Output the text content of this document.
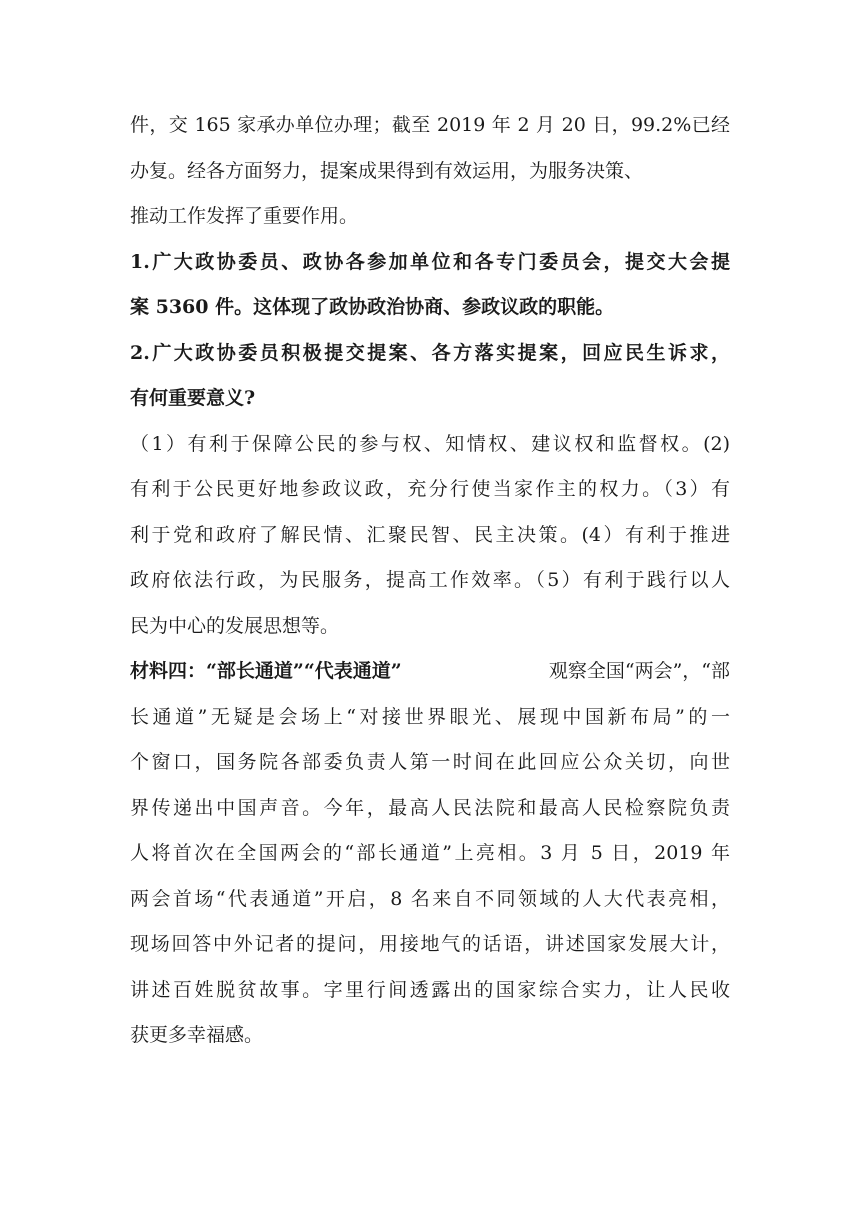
件，交 165 家承办单位办理；截至 2019 年 2 月 20 日，99.2%已经
办复。经各方面努力，提案成果得到有效运用，为服务决策、
推动工作发挥了重要作用。
1.广大政协委员、政协各参加单位和各专门委员会，提交大会提
案 5360 件。这体现了政协政治协商、参政议政的职能。
2.广大政协委员积极提交提案、各方落实提案，回应民生诉求，
有何重要意义?
（1）有利于保障公民的参与权、知情权、建议权和监督权。(2)
有利于公民更好地参政议政，充分行使当家作主的权力。（3）有
利于党和政府了解民情、汇聚民智、民主决策。(4）有利于推进
政府依法行政，为民服务，提高工作效率。（5）有利于践行以人
民为中心的发展思想等。
材料四：“部长通道”“代表通道”	观察全国“两会”，“部
长通道”无疑是会场上“对接世界眼光、展现中国新布局”的一
个窗口，国务院各部委负责人第一时间在此回应公众关切，向世
界传递出中国声音。今年，最高人民法院和最高人民检察院负责
人将首次在全国两会的“部长通道”上亮相。3 月 5 日，2019 年
两会首场“代表通道”开启，8 名来自不同领域的人大代表亮相，
现场回答中外记者的提问，用接地气的话语，讲述国家发展大计，
讲述百姓脱贫故事。字里行间透露出的国家综合实力，让人民收
获更多幸福感。
